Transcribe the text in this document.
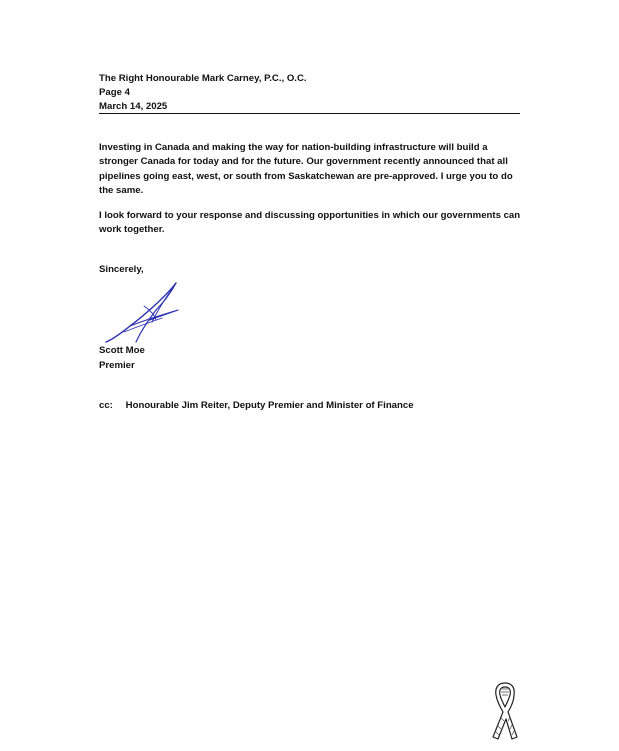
The Right Honourable Mark Carney, P.C., O.C.
Page 4
March 14, 2025

Investing in Canada and making the way for nation-building infrastructure will build a stronger Canada for today and for the future. Our government recently announced that all pipelines going east, west, or south from Saskatchewan are pre-approved. I urge you to do the same.

I look forward to your response and discussing opportunities in which our governments can work together.

Sincerely,
Scott Moe
Premier
cc: Honourable Jim Reiter, Deputy Premier and Minister of Finance
